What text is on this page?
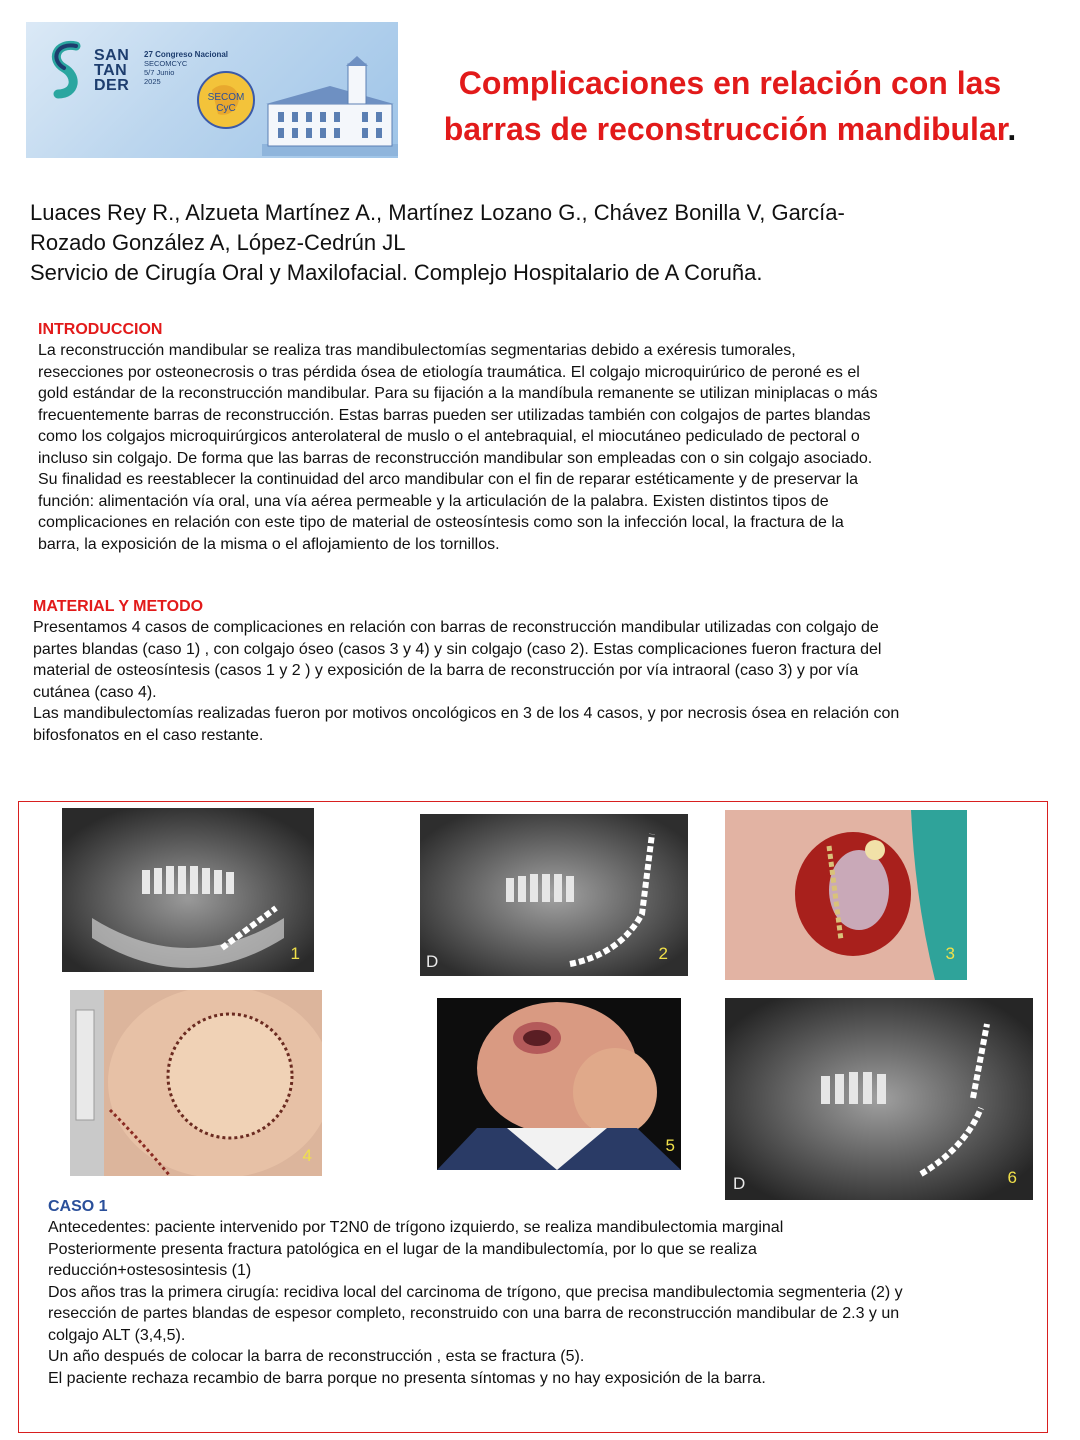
SAN
TAN
DER
27 Congreso Nacional
SECOMCYC
5/7 Junio
2025
SECOM
CyC
Complicaciones en relación con las
barras de reconstrucción mandibular.
Luaces Rey R., Alzueta Martínez A., Martínez Lozano G., Chávez Bonilla V, García-
Rozado González A, López-Cedrún JL
Servicio de Cirugía Oral y Maxilofacial. Complejo Hospitalario de A Coruña.
INTRODUCCION

La reconstrucción mandibular se realiza tras mandibulectomías segmentarias debido a exéresis tumorales,

resecciones por osteonecrosis o tras pérdida ósea de etiología traumática. El colgajo microquirúrico de peroné es el

gold estándar de la reconstrucción mandibular. Para su fijación a la mandíbula remanente se utilizan miniplacas o más

frecuentemente barras de reconstrucción. Estas barras pueden ser utilizadas también con colgajos de partes blandas

como los colgajos microquirúrgicos anterolateral de muslo o el antebraquial, el miocutáneo pediculado de pectoral o

incluso sin colgajo. De forma que las barras de reconstrucción mandibular son empleadas con o sin colgajo asociado.

Su finalidad es reestablecer la continuidad del arco mandibular con el fin de reparar estéticamente y de preservar la

función: alimentación vía oral, una vía aérea permeable y la articulación de la palabra. Existen distintos tipos de

complicaciones en relación con este tipo de material de osteosíntesis como son la infección local, la fractura de la

barra, la exposición de la misma o el aflojamiento de los tornillos.

MATERIAL Y METODO

Presentamos 4 casos de complicaciones en relación con barras de reconstrucción mandibular utilizadas con colgajo de

partes blandas (caso 1) , con colgajo óseo (casos 3 y 4) y sin colgajo (caso 2). Estas complicaciones fueron fractura del

material de osteosíntesis (casos 1 y 2 ) y exposición de la barra de reconstrucción por vía intraoral (caso 3) y por vía

cutánea (caso 4).

Las mandibulectomías realizadas fueron por motivos oncológicos en 3 de los 4 casos, y por necrosis ósea en relación con

bifosfonatos en el caso restante.

1	D	2	3
4
5
D	6
CASO 1

Antecedentes: paciente intervenido por T2N0 de trígono izquierdo, se realiza mandibulectomia marginal

Posteriormente presenta fractura patológica en el lugar de la mandibulectomía, por lo que se realiza

reducción+ostesosintesis (1)

Dos años tras la primera cirugía: recidiva local del carcinoma de trígono, que precisa mandibulectomia segmenteria (2) y

resección de partes blandas de espesor completo, reconstruido con una barra de reconstrucción mandibular de 2.3 y un

colgajo ALT (3,4,5).

Un año después de colocar la barra de reconstrucción , esta se fractura (5).

El paciente rechaza recambio de barra porque no presenta síntomas y no hay exposición de la barra.
